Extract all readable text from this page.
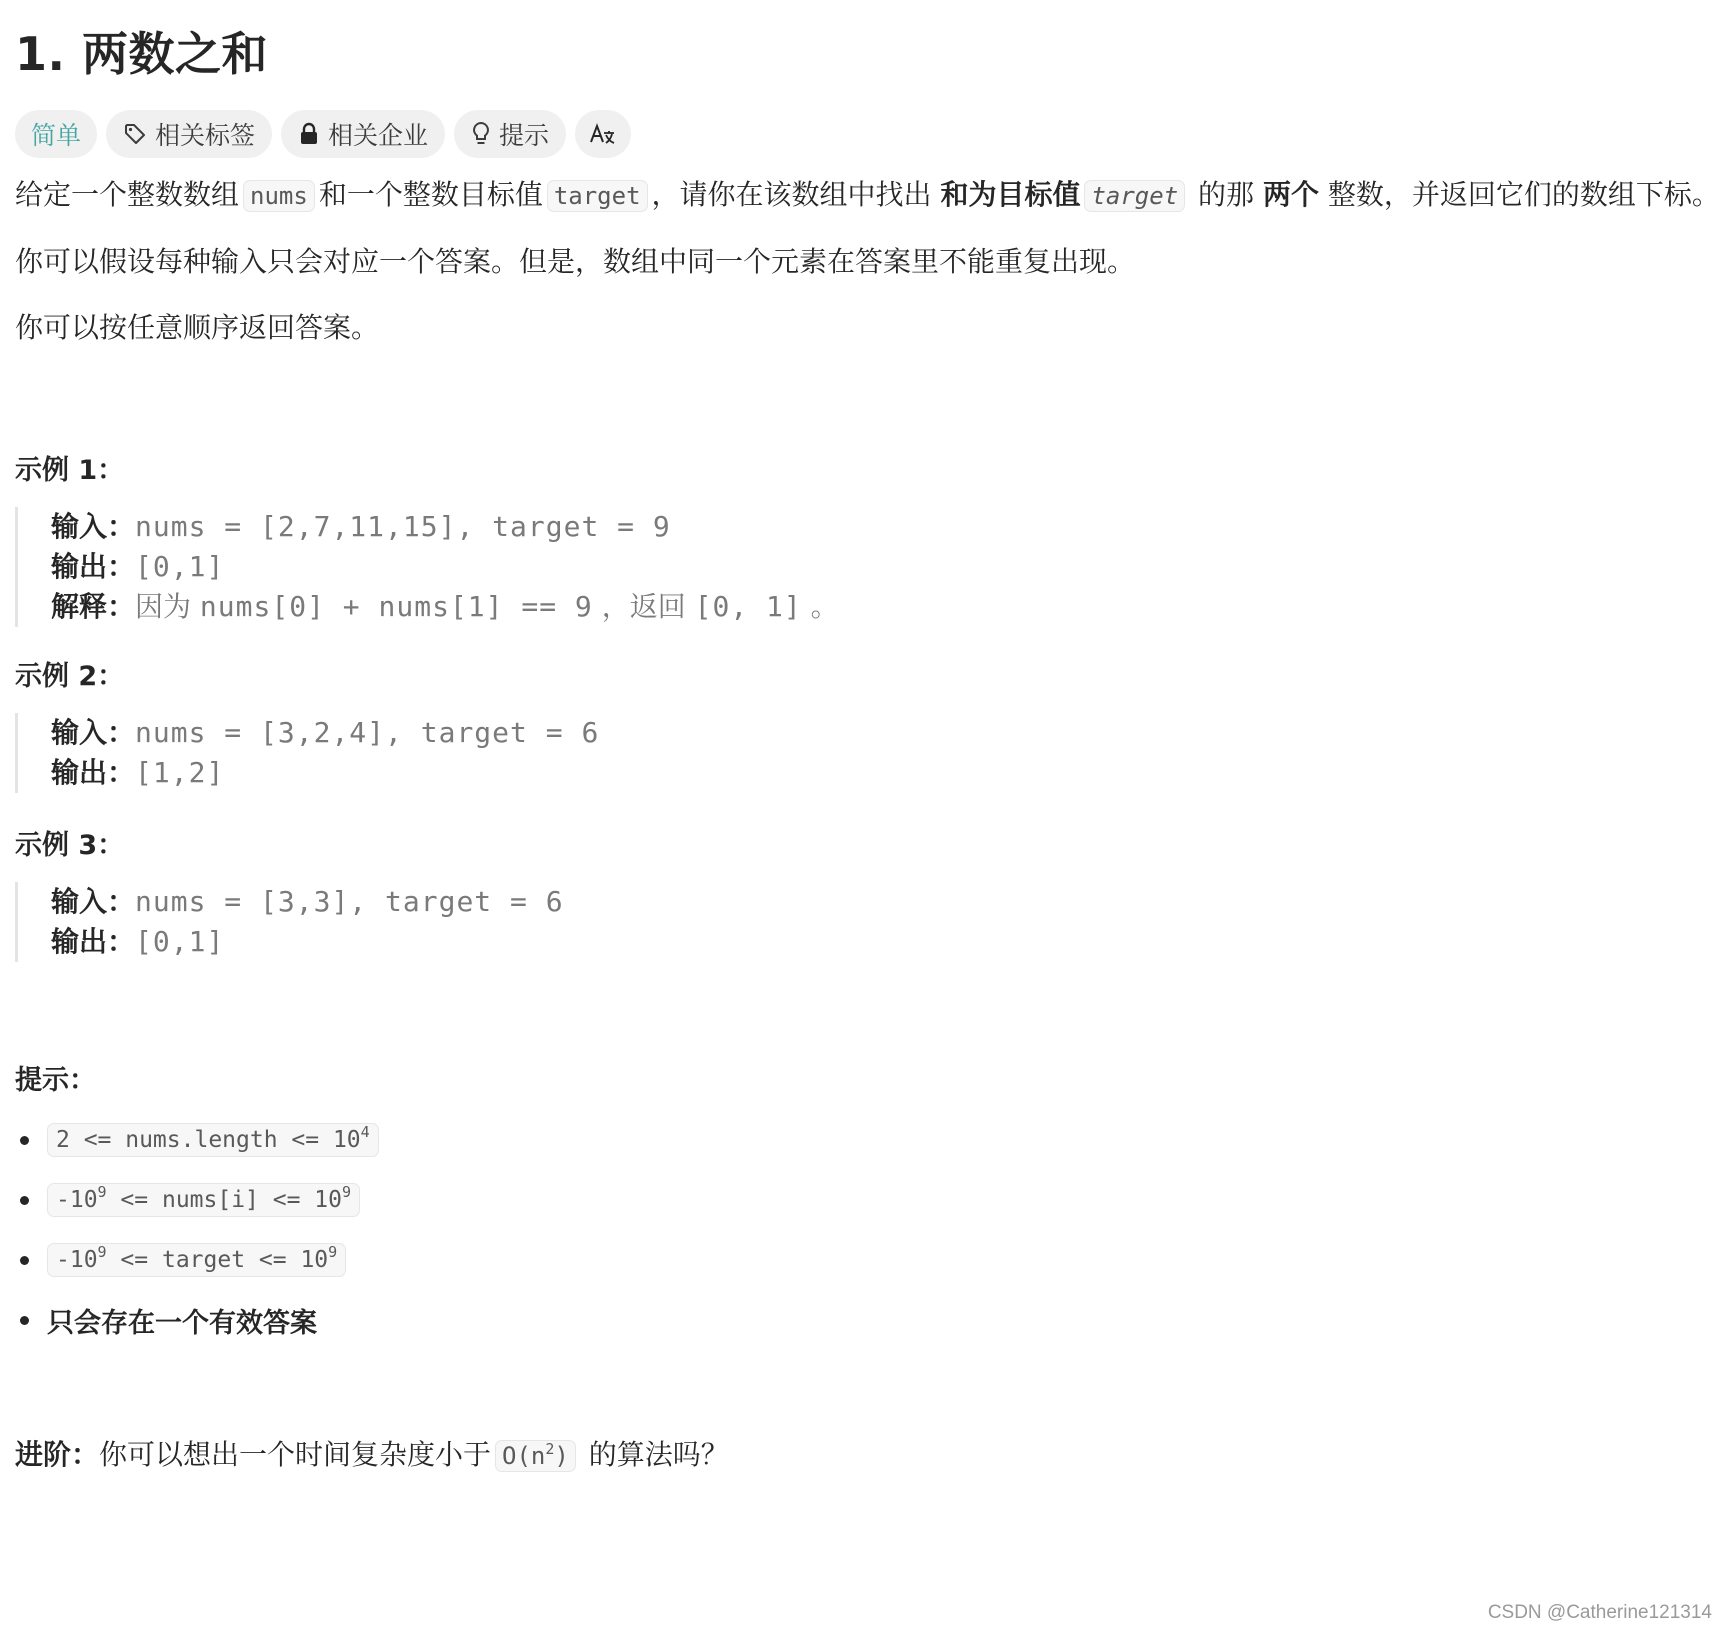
1. 两数之和
简单	相关标签	相关企业	提示
给定一个整数数组 nums 和一个整数目标值 target ，请你在该数组中找出 和为目标值 target 的那 两个 整数，并返回它们的数组下标。
你可以假设每种输入只会对应一个答案。但是，数组中同一个元素在答案里不能重复出现。
你可以按任意顺序返回答案。
示例 1：
输入：nums = [2,7,11,15], target = 9
输出：[0,1]
解释：因为 nums[0] + nums[1] == 9 ，返回 [0, 1] 。
示例 2：
输入：nums = [3,2,4], target = 6
输出：[1,2]
示例 3：
输入：nums = [3,3], target = 6
输出：[0,1]
提示：
2 <= nums.length <= $10^4$
$-10^9$ <= nums[i] <= $10^9$
$-10^9$ <= target <= $10^9$
只会存在一个有效答案
进阶：你可以想出一个时间复杂度小于 $O(n^2)$ 的算法吗？
CSDN @Catherine121314
